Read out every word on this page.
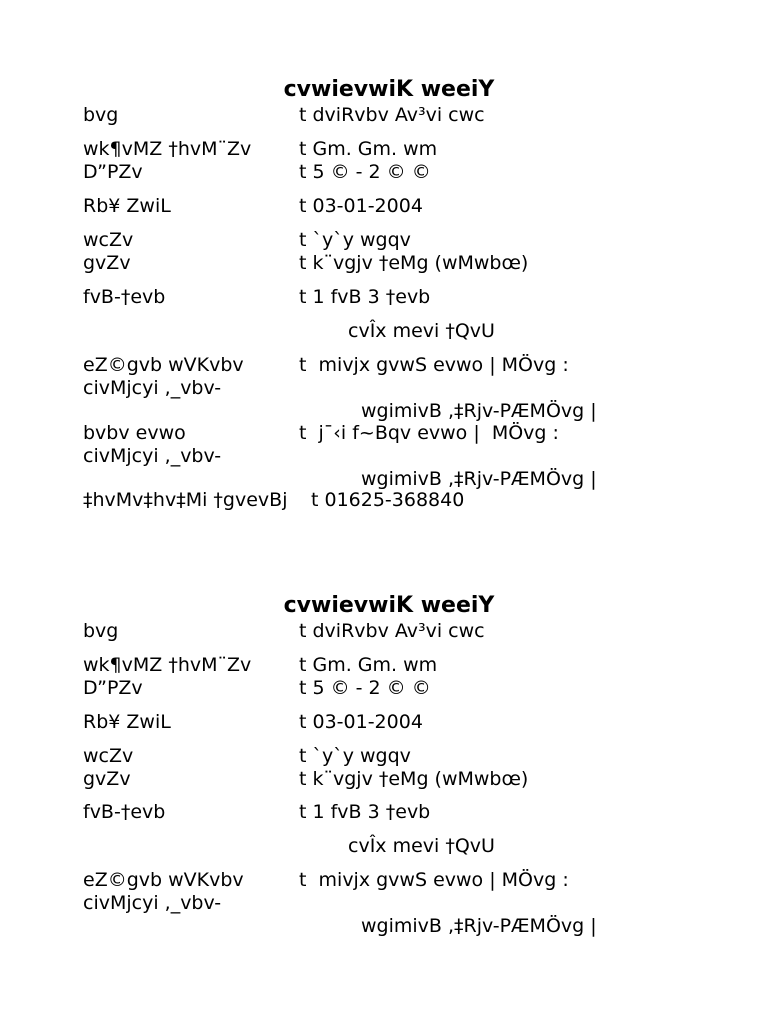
cvwievwiK weeiY
bvg	t dviRvbv Av³vi cwc
wk¶vMZ †hvM¨Zv	t Gm. Gm. wm
D”PZv	t 5 © - 2 © ©
Rb¥ ZwiL	t 03-01-2004
wcZv	t `y`y wgqv
gvZv	t k¨vgjv †eMg (wMwbœ)
fvB-†evb	t 1 fvB 3 †evb
cvÎx mevi †QvU
eZ©gvb wVKvbv	t  mivjx gvwS evwo | MÖvg :
civMjcyi ,_vbv-
wgimivB ,‡Rjv-PÆMÖvg |
bvbv evwo	t  j¯‹i f~Bqv evwo |  MÖvg :
civMjcyi ,_vbv-
wgimivB ,‡Rjv-PÆMÖvg |
‡hvMv‡hv‡Mi †gvevBj t 01625-368840
cvwievwiK weeiY
bvg	t dviRvbv Av³vi cwc
wk¶vMZ †hvM¨Zv	t Gm. Gm. wm
D”PZv	t 5 © - 2 © ©
Rb¥ ZwiL	t 03-01-2004
wcZv	t `y`y wgqv
gvZv	t k¨vgjv †eMg (wMwbœ)
fvB-†evb	t 1 fvB 3 †evb
cvÎx mevi †QvU
eZ©gvb wVKvbv	t  mivjx gvwS evwo | MÖvg :
civMjcyi ,_vbv-
wgimivB ,‡Rjv-PÆMÖvg |
